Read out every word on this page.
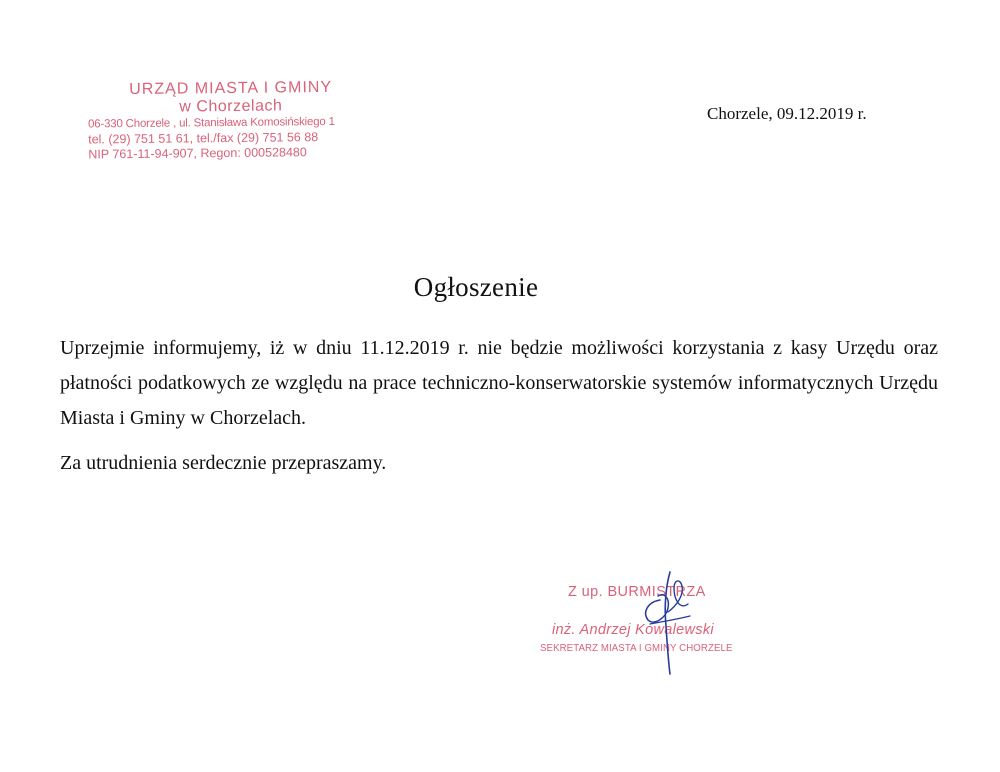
URZĄD MIASTA I GMINY
w Chorzelach
06-330 Chorzele , ul. Stanisława Komosińskiego 1
tel. (29) 751 51 61, tel./fax (29) 751 56 88
NIP 761-11-94-907, Regon: 000528480
Chorzele, 09.12.2019 r.
Ogłoszenie

Uprzejmie informujemy, iż w dniu 11.12.2019 r. nie będzie możliwości korzystania z kasy Urzędu oraz płatności podatkowych ze względu na prace techniczno-konserwatorskie systemów informatycznych Urzędu Miasta i Gminy w Chorzelach.

Za utrudnienia serdecznie przepraszamy.

Z up. BURMISTRZA
inż. Andrzej Kowalewski
SEKRETARZ MIASTA I GMINY CHORZELE
